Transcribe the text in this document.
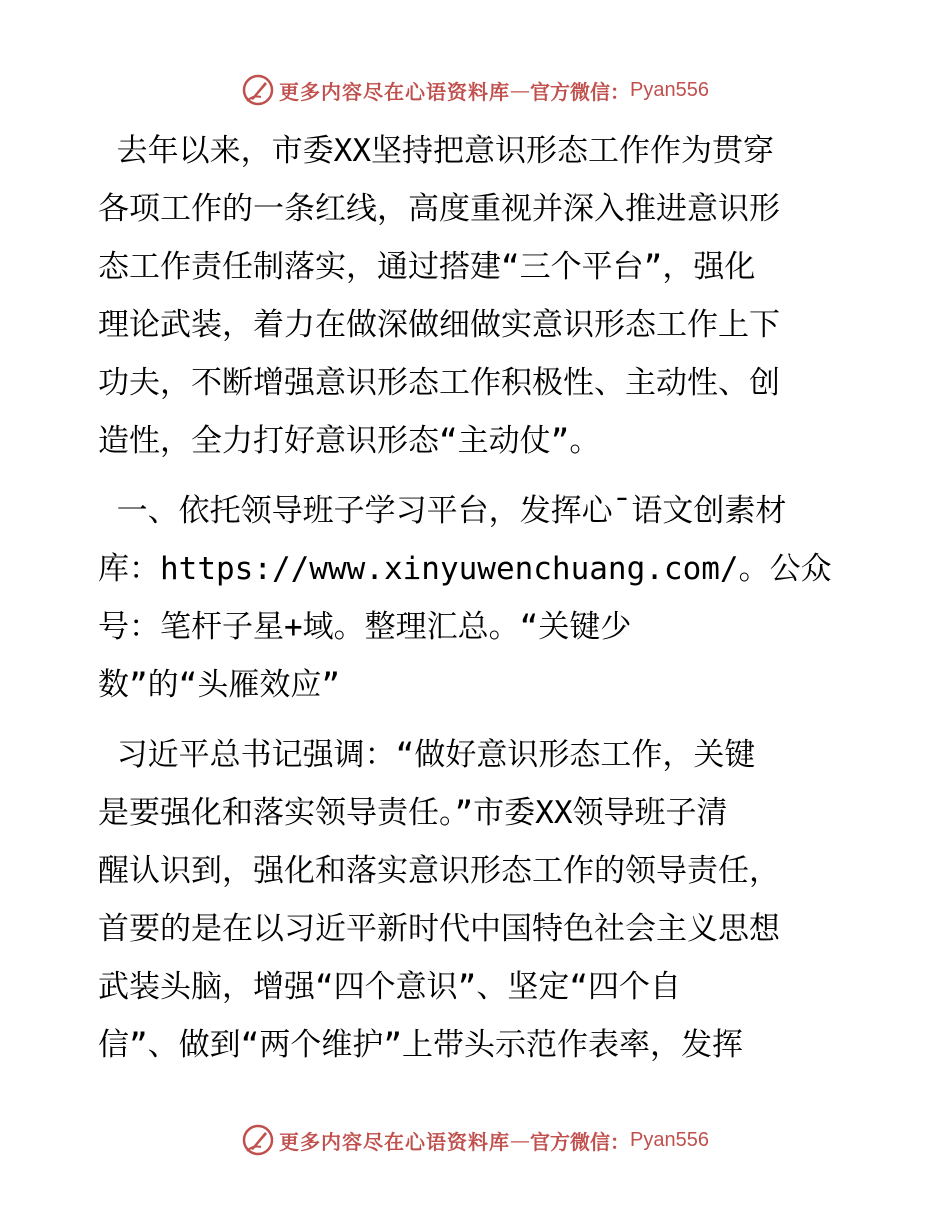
更多内容尽在心语资料库 — 官方微信： Pyan556
去年以来，市委XX坚持把意识形态工作作为贯穿
各项工作的一条红线，高度重视并深入推进意识形
态工作责任制落实，通过搭建“三个平台”，强化
理论武装，着力在做深做细做实意识形态工作上下
功夫，不断增强意识形态工作积极性、主动性、创
造性，全力打好意识形态“主动仗”。
一、依托领导班子学习平台，发挥心¯语文创素材
库：https://www.xinyuwenchuang.com/。公众
号：笔杆子星+域。整理汇总。“关键少
数”的“头雁效应”
习近平总书记强调：“做好意识形态工作，关键
是要强化和落实领导责任。”市委XX领导班子清
醒认识到，强化和落实意识形态工作的领导责任，
首要的是在以习近平新时代中国特色社会主义思想
武装头脑，增强“四个意识”、坚定“四个自
信”、做到“两个维护”上带头示范作表率，发挥
更多内容尽在心语资料库 — 官方微信： Pyan556
